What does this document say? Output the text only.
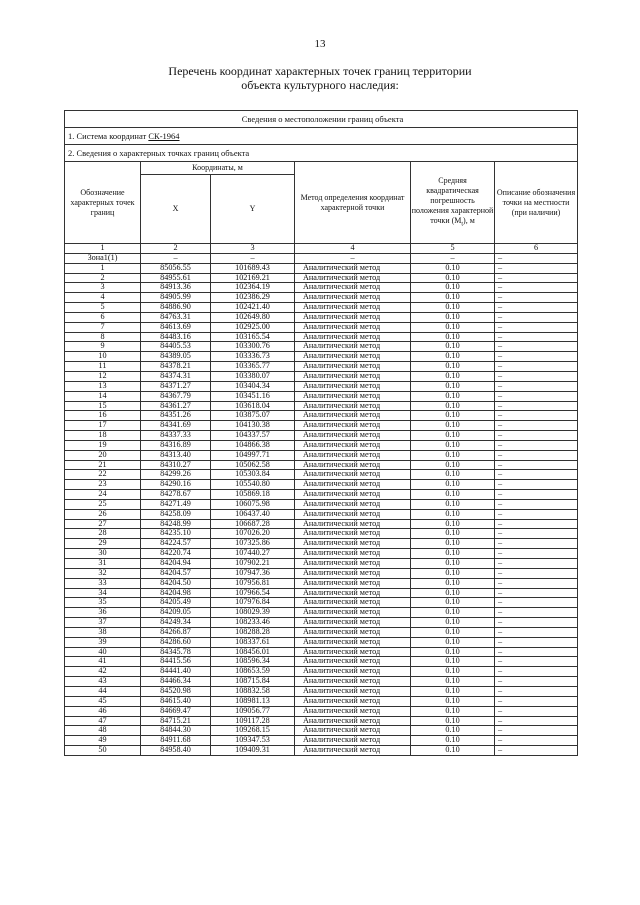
13
Перечень координат характерных точек границ территории
объекта культурного наследия:
Сведения о местоположении границ объекта					
1. Система координат СК-1964					
2. Сведения о характерных точках границ объекта					
Обозначение характерных точек границ	Координаты, м		Метод определения координат характерной точки	Средняя квадратическая погрешность положения характерной точки $(M_t)$, м	Описание обозначения точки на местности (при наличии)
	X	Y			
1	2	3	4	5	6
Зона1(1)	–	–	–	–	–
1	85056.55	101689.43	Аналитический метод	0.10	–
2	84955.61	102169.21	Аналитический метод	0.10	–
3	84913.36	102364.19	Аналитический метод	0.10	–
4	84905.99	102386.29	Аналитический метод	0.10	–
5	84886.90	102421.40	Аналитический метод	0.10	–
6	84763.31	102649.80	Аналитический метод	0.10	–
7	84613.69	102925.00	Аналитический метод	0.10	–
8	84483.16	103165.54	Аналитический метод	0.10	–
9	84405.53	103300.76	Аналитический метод	0.10	–
10	84389.05	103336.73	Аналитический метод	0.10	–
11	84378.21	103365.77	Аналитический метод	0.10	–
12	84374.31	103380.07	Аналитический метод	0.10	–
13	84371.27	103404.34	Аналитический метод	0.10	–
14	84367.79	103451.16	Аналитический метод	0.10	–
15	84361.27	103618.04	Аналитический метод	0.10	–
16	84351.26	103875.07	Аналитический метод	0.10	–
17	84341.69	104130.38	Аналитический метод	0.10	–
18	84337.33	104337.57	Аналитический метод	0.10	–
19	84316.89	104866.38	Аналитический метод	0.10	–
20	84313.40	104997.71	Аналитический метод	0.10	–
21	84310.27	105062.58	Аналитический метод	0.10	–
22	84299.26	105303.84	Аналитический метод	0.10	–
23	84290.16	105540.80	Аналитический метод	0.10	–
24	84278.67	105869.18	Аналитический метод	0.10	–
25	84271.49	106075.98	Аналитический метод	0.10	–
26	84258.09	106437.40	Аналитический метод	0.10	–
27	84248.99	106687.28	Аналитический метод	0.10	–
28	84235.10	107026.20	Аналитический метод	0.10	–
29	84224.57	107325.86	Аналитический метод	0.10	–
30	84220.74	107440.27	Аналитический метод	0.10	–
31	84204.94	107902.21	Аналитический метод	0.10	–
32	84204.57	107947.36	Аналитический метод	0.10	–
33	84204.50	107956.81	Аналитический метод	0.10	–
34	84204.98	107966.54	Аналитический метод	0.10	–
35	84205.49	107976.84	Аналитический метод	0.10	–
36	84209.05	108029.39	Аналитический метод	0.10	–
37	84249.34	108233.46	Аналитический метод	0.10	–
38	84266.87	108288.28	Аналитический метод	0.10	–
39	84286.60	108337.61	Аналитический метод	0.10	–
40	84345.78	108456.01	Аналитический метод	0.10	–
41	84415.56	108596.34	Аналитический метод	0.10	–
42	84441.40	108653.59	Аналитический метод	0.10	–
43	84466.34	108715.84	Аналитический метод	0.10	–
44	84520.98	108832.58	Аналитический метод	0.10	–
45	84615.40	108981.13	Аналитический метод	0.10	–
46	84669.47	109056.77	Аналитический метод	0.10	–
47	84715.21	109117.28	Аналитический метод	0.10	–
48	84844.30	109268.15	Аналитический метод	0.10	–
49	84911.68	109347.53	Аналитический метод	0.10	–
50	84958.40	109409.31	Аналитический метод	0.10	–
